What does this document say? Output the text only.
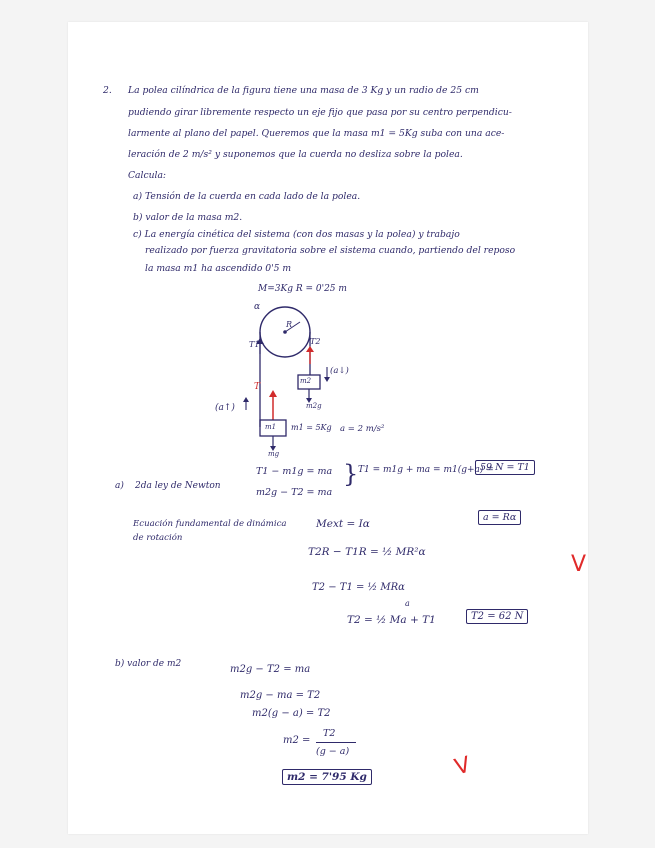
2. La polea cilíndrica de la figura tiene una masa de 3 Kg y un radio de 25 cm
pudiendo girar libremente respecto un eje fijo que pasa por su centro perpendicu-
larmente al plano del papel. Queremos que la masa m1 = 5Kg suba con una ace-
leración de 2 m/s² y suponemos que la cuerda no desliza sobre la polea.
Calcula:
a) Tensión de la cuerda en cada lado de la polea.
b) valor de la masa m2.
c) La energía cinética del sistema (con dos masas y la polea) y trabajo
realizado por fuerza gravitatoria sobre el sistema cuando, partiendo del reposo
la masa m1 ha ascendido 0'5 m
M=3Kg R = 0'25 m
α
R
T1	T2
m2
m2g
(a↓)
T
(a↑)
m1 m1 = 5Kg a = 2 m/s²
mg
a) 2da ley de Newton
T1 − m1g = ma
m2g − T2 = ma
} T1 = m1g + ma = m1(g+a) =
59 N = T1
Ecuación fundamental de dinámica
de rotación
Mext = Iα
a = Rα
T2R − T1R = ½ MR²α
T2 − T1 = ½ MRα
a
T2 = ½ Ma + T1	T2 = 62 N
b) valor de m2	m2g − T2 = ma
m2g − ma = T2
m2(g − a) = T2
m2 =
T2
(g − a)
m2 = 7'95 Kg
V
V
